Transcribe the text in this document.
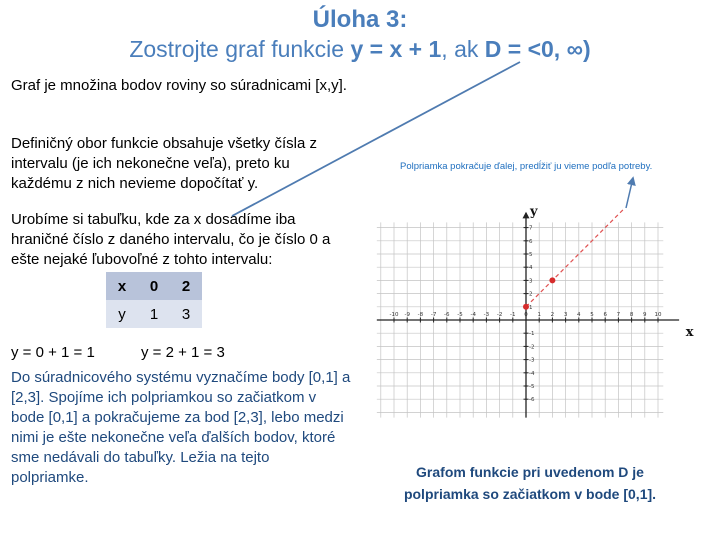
Úloha 3:
Zostrojte graf funkcie y = x + 1, ak D = <0, ∞)
Graf je množina bodov roviny so súradnicami [x,y].
Definičný obor funkcie obsahuje všetky čísla z intervalu (je ich nekonečne veľa), preto ku každému z nich nevieme dopočítať y.
Urobíme si tabuľku, kde za x dosadíme iba hraničné číslo z daného intervalu, čo je číslo 0 a ešte nejaké ľubovoľné z tohto intervalu:
x	0	2
y	1	3
y = 0 + 1 = 1	y = 2 + 1 = 3
Do súradnicového systému vyznačíme body [0,1] a [2,3]. Spojíme ich polpriamkou so začiatkom v bode [0,1] a pokračujeme za bod [2,3], lebo medzi nimi je ešte nekonečne veľa ďalších bodov, ktoré sme nedávali do tabuľky. Ležia na tejto polpriamke.
Polpriamka pokračuje ďalej, predĺžiť ju vieme podľa potreby.
x
y
-10 -9 -8 -7 -6 -5 -4 -3 -2 -1 0 1 2 3 4 5 6 7 8 9 10
-6
-5
-4
-3
-2
-1
1
2
3
4
5
6
7
Grafom funkcie pri uvedenom D je polpriamka so začiatkom v bode [0,1].
